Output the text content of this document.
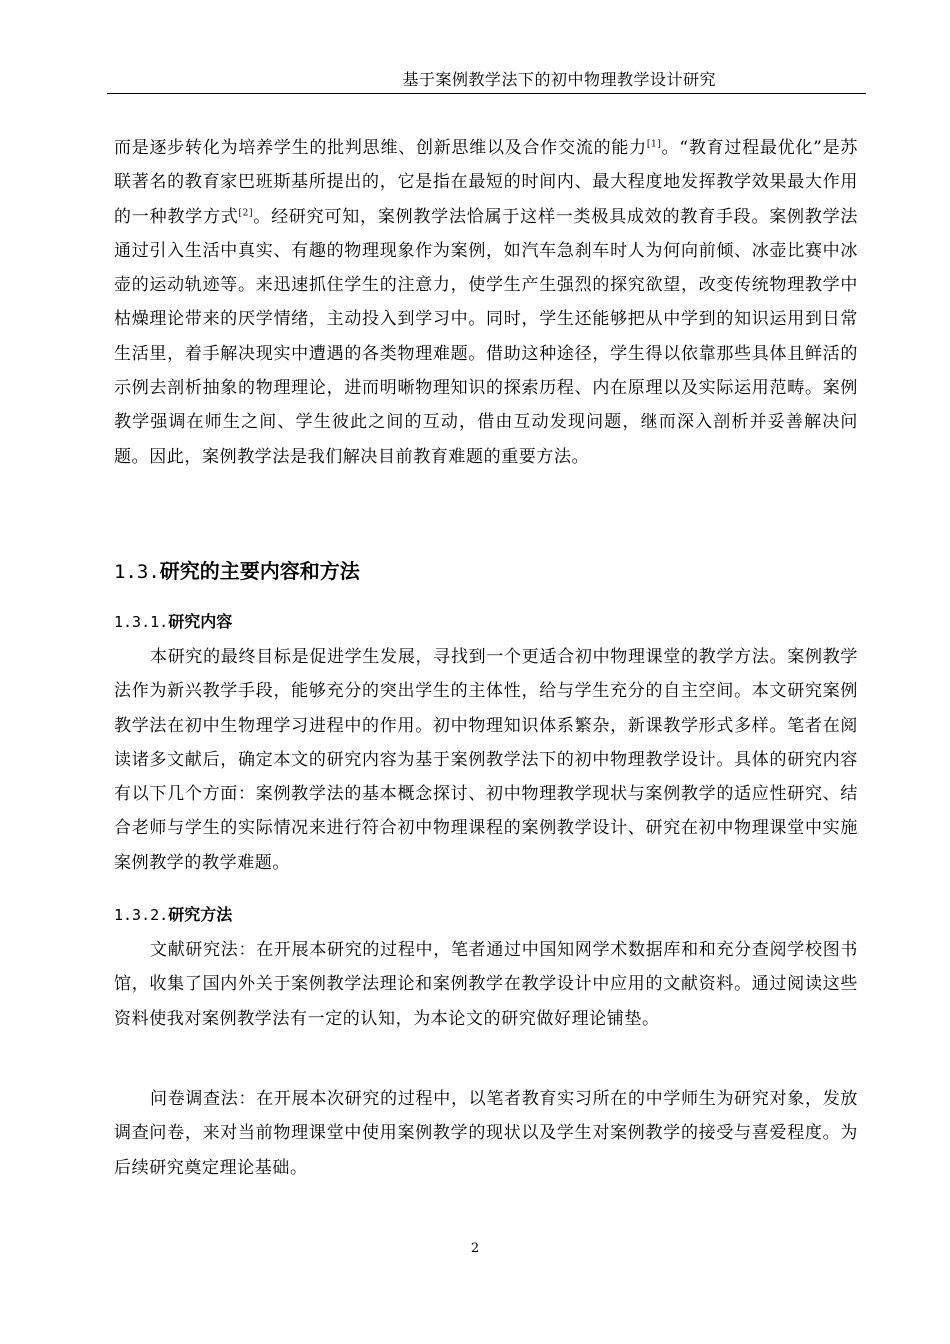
基于案例教学法下的初中物理教学设计研究

而是逐步转化为培养学生的批判思维、创新思维以及合作交流的能力[1]。“教育过程最优化”是苏联著名的教育家巴班斯基所提出的，它是指在最短的时间内、最大程度地发挥教学效果最大作用的一种教学方式[2]。经研究可知，案例教学法恰属于这样一类极具成效的教育手段。案例教学法通过引入生活中真实、有趣的物理现象作为案例，如汽车急刹车时人为何向前倾、冰壶比赛中冰壶的运动轨迹等。来迅速抓住学生的注意力，使学生产生强烈的探究欲望，改变传统物理教学中枯燥理论带来的厌学情绪，主动投入到学习中。同时，学生还能够把从中学到的知识运用到日常生活里，着手解决现实中遭遇的各类物理难题。借助这种途径，学生得以依靠那些具体且鲜活的示例去剖析抽象的物理理论，进而明晰物理知识的探索历程、内在原理以及实际运用范畴。案例教学强调在师生之间、学生彼此之间的互动，借由互动发现问题，继而深入剖析并妥善解决问题。因此，案例教学法是我们解决目前教育难题的重要方法。

1.3.研究的主要内容和方法
1.3.1.研究内容

本研究的最终目标是促进学生发展，寻找到一个更适合初中物理课堂的教学方法。案例教学法作为新兴教学手段，能够充分的突出学生的主体性，给与学生充分的自主空间。本文研究案例教学法在初中生物理学习进程中的作用。初中物理知识体系繁杂，新课教学形式多样。笔者在阅读诸多文献后，确定本文的研究内容为基于案例教学法下的初中物理教学设计。具体的研究内容有以下几个方面：案例教学法的基本概念探讨、初中物理教学现状与案例教学的适应性研究、结合老师与学生的实际情况来进行符合初中物理课程的案例教学设计、研究在初中物理课堂中实施案例教学的教学难题。

1.3.2.研究方法

文献研究法：在开展本研究的过程中，笔者通过中国知网学术数据库和和充分查阅学校图书馆，收集了国内外关于案例教学法理论和案例教学在教学设计中应用的文献资料。通过阅读这些资料使我对案例教学法有一定的认知，为本论文的研究做好理论铺垫。

问卷调查法：在开展本次研究的过程中，以笔者教育实习所在的中学师生为研究对象，发放调查问卷，来对当前物理课堂中使用案例教学的现状以及学生对案例教学的接受与喜爱程度。为后续研究奠定理论基础。

2
